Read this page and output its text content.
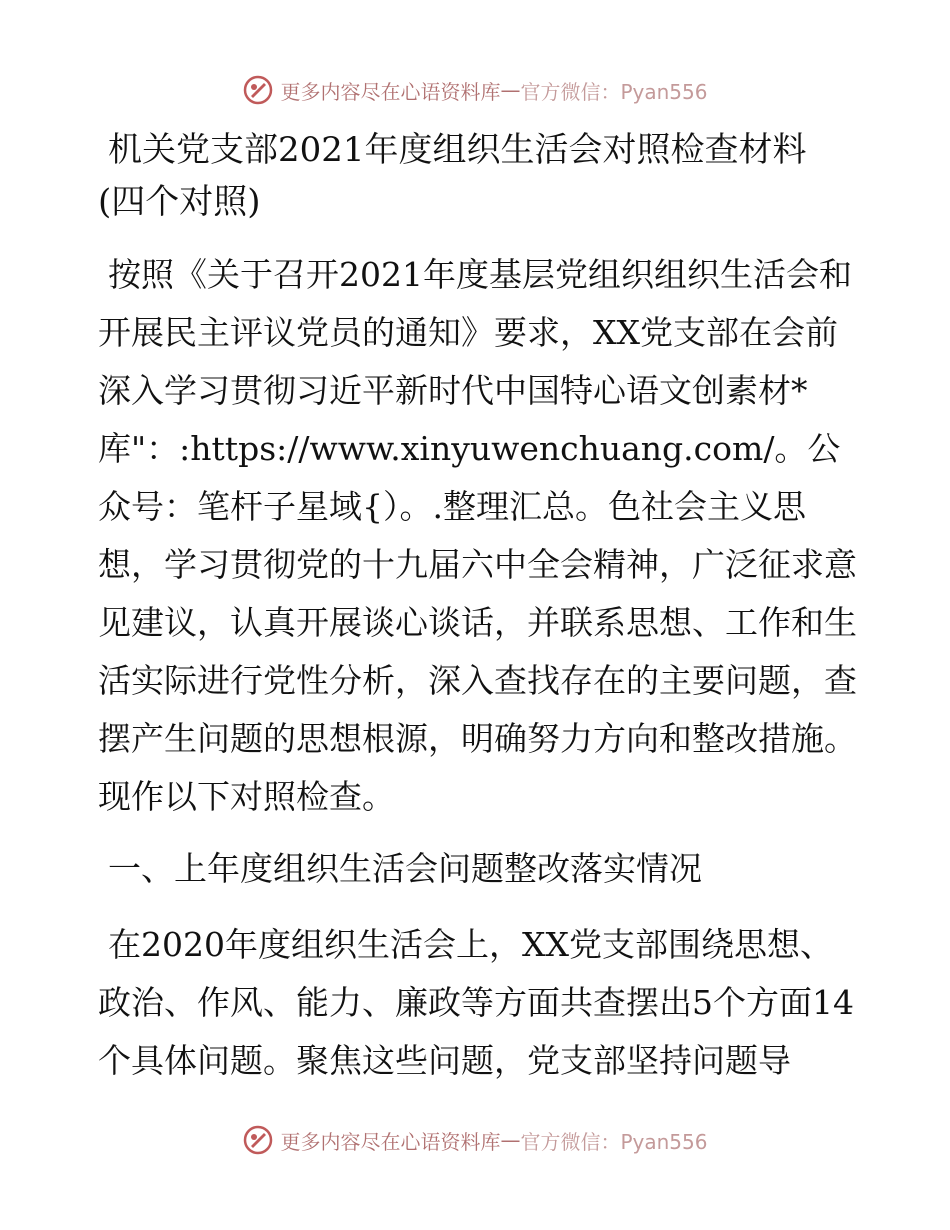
更多内容尽在心语资料库 — 官方微信：Pyan556

机关党支部2021年度组织生活会对照检查材料

(四个对照)

按照《关于召开2021年度基层党组织组织生活会和开展民主评议党员的通知》要求，XX党支部在会前深入学习贯彻习近平新时代中国特心语文创素材*库"：:https://www.xinyuwenchuang.com/。公众号：笔杆子星域{）。.整理汇总。色社会主义思想，学习贯彻党的十九届六中全会精神，广泛征求意见建议，认真开展谈心谈话，并联系思想、工作和生活实际进行党性分析，深入查找存在的主要问题，查摆产生问题的思想根源，明确努力方向和整改措施。现作以下对照检查。

一、上年度组织生活会问题整改落实情况

在2020年度组织生活会上，XX党支部围绕思想、政治、作风、能力、廉政等方面共查摆出5个方面14个具体问题。聚焦这些问题，党支部坚持问题导

更多内容尽在心语资料库 — 官方微信：Pyan556
